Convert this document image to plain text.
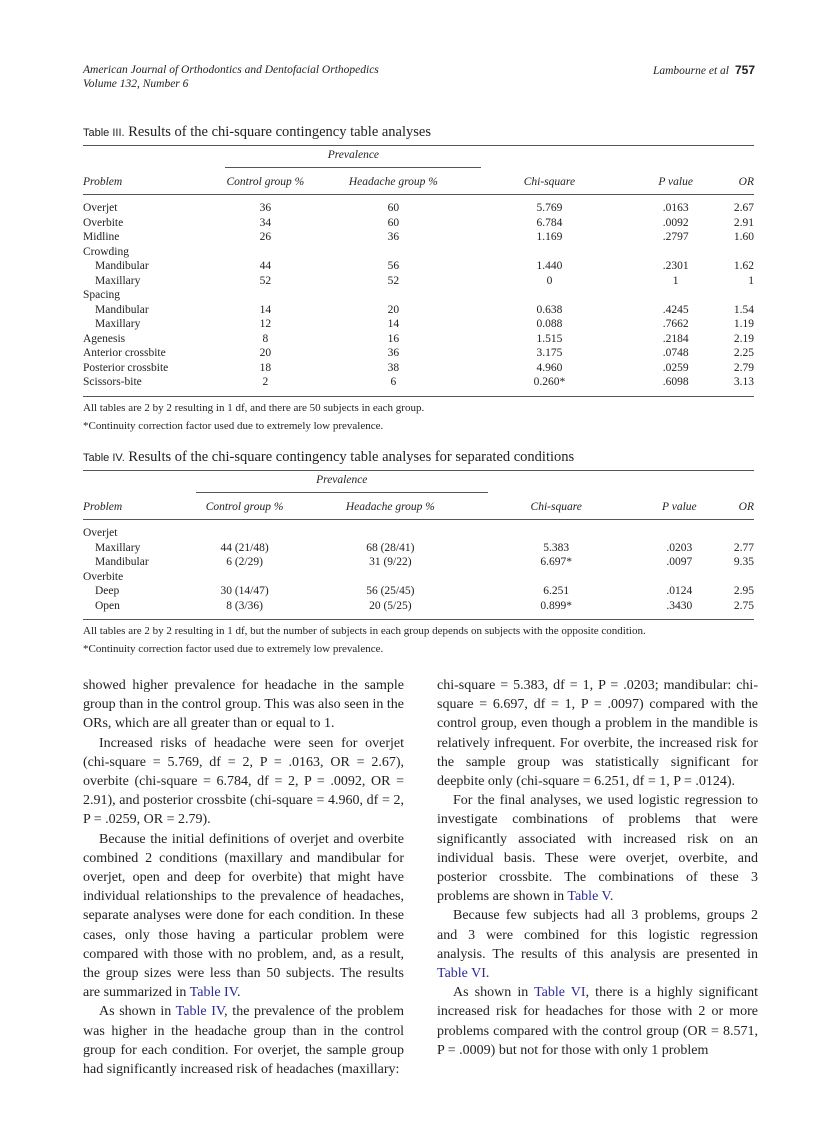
American Journal of Orthodontics and Dentofacial Orthopedics
Volume 132, Number 6
Lambourne et al 757
Table III. Results of the chi-square contingency table analyses

	Prevalence				

Problem	Control group %	Headache group %	Chi-square	P value	OR
Overjet	36	60	5.769	.0163	2.67
Overbite	34	60	6.784	.0092	2.91
Midline	26	36	1.169	.2797	1.60
Crowding					
Mandibular	44	56	1.440	.2301	1.62
Maxillary	52	52	0	1	1
Spacing					
Mandibular	14	20	0.638	.4245	1.54
Maxillary	12	14	0.088	.7662	1.19
Agenesis	8	16	1.515	.2184	2.19
Anterior crossbite	20	36	3.175	.0748	2.25
Posterior crossbite	18	38	4.960	.0259	2.79
Scissors-bite	2	6	0.260*	.6098	3.13
All tables are 2 by 2 resulting in 1 df, and there are 50 subjects in each group.
*Continuity correction factor used due to extremely low prevalence.
Table IV. Results of the chi-square contingency table analyses for separated conditions

	Prevalence				

Problem	Control group %	Headache group %	Chi-square	P value	OR
Overjet					
Maxillary	44 (21/48)	68 (28/41)	5.383	.0203	2.77
Mandibular	6 (2/29)	31 (9/22)	6.697*	.0097	9.35
Overbite					
Deep	30 (14/47)	56 (25/45)	6.251	.0124	2.95
Open	8 (3/36)	20 (5/25)	0.899*	.3430	2.75
All tables are 2 by 2 resulting in 1 df, but the number of subjects in each group depends on subjects with the opposite condition.
*Continuity correction factor used due to extremely low prevalence.

showed higher prevalence for headache in the sample group than in the control group. This was also seen in the ORs, which are all greater than or equal to 1.

Increased risks of headache were seen for overjet (chi-square = 5.769, df = 2, P = .0163, OR = 2.67), overbite (chi-square = 6.784, df = 2, P = .0092, OR = 2.91), and posterior crossbite (chi-square = 4.960, df = 2, P = .0259, OR = 2.79).

Because the initial definitions of overjet and overbite combined 2 conditions (maxillary and mandibular for overjet, open and deep for overbite) that might have individual relationships to the prevalence of headaches, separate analyses were done for each condition. In these cases, only those having a particular problem were compared with those with no problem, and, as a result, the group sizes were less than 50 subjects. The results are summarized in Table IV.

As shown in Table IV, the prevalence of the problem was higher in the headache group than in the control group for each condition. For overjet, the sample group had significantly increased risk of headaches (maxillary:

chi-square = 5.383, df = 1, P = .0203; mandibular: chi-square = 6.697, df = 1, P = .0097) compared with the control group, even though a problem in the mandible is relatively infrequent. For overbite, the increased risk for the sample group was statistically significant for deepbite only (chi-square = 6.251, df = 1, P = .0124).

For the final analyses, we used logistic regression to investigate combinations of problems that were significantly associated with increased risk on an individual basis. These were overjet, overbite, and posterior crossbite. The combinations of these 3 problems are shown in Table V.

Because few subjects had all 3 problems, groups 2 and 3 were combined for this logistic regression analysis. The results of this analysis are presented in Table VI.

As shown in Table VI, there is a highly significant increased risk for headaches for those with 2 or more problems compared with the control group (OR = 8.571, P = .0009) but not for those with only 1 problem
